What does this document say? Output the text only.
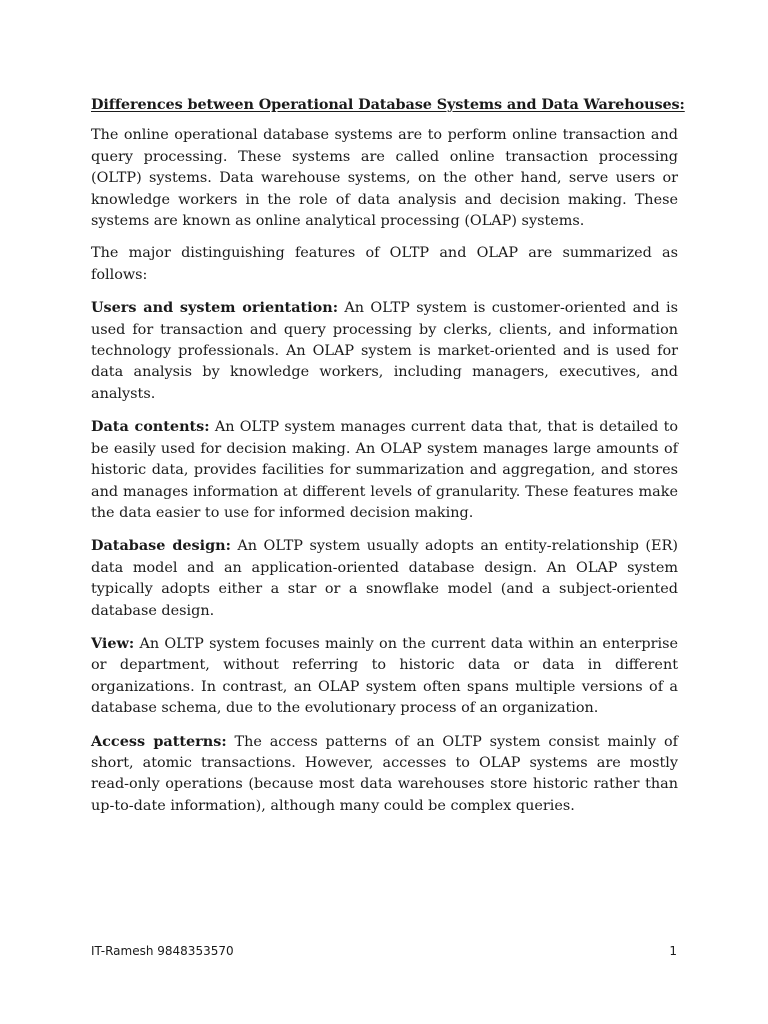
Differences between Operational Database Systems and Data Warehouses:

The online operational database systems are to perform online transaction and query processing. These systems are called online transaction processing (OLTP) systems. Data warehouse systems, on the other hand, serve users or knowledge workers in the role of data analysis and decision making. These systems are known as online analytical processing (OLAP) systems.

The major distinguishing features of OLTP and OLAP are summarized as follows:

Users and system orientation: An OLTP system is customer-oriented and is used for transaction and query processing by clerks, clients, and information technology professionals. An OLAP system is market-oriented and is used for data analysis by knowledge workers, including managers, executives, and analysts.

Data contents: An OLTP system manages current data that, that is detailed to be easily used for decision making. An OLAP system manages large amounts of historic data, provides facilities for summarization and aggregation, and stores and manages information at different levels of granularity. These features make the data easier to use for informed decision making.

Database design: An OLTP system usually adopts an entity-relationship (ER) data model and an application-oriented database design. An OLAP system typically adopts either a star or a snowflake model (and a subject-oriented database design.

View: An OLTP system focuses mainly on the current data within an enterprise or department, without referring to historic data or data in different organizations. In contrast, an OLAP system often spans multiple versions of a database schema, due to the evolutionary process of an organization.

Access patterns: The access patterns of an OLTP system consist mainly of short, atomic transactions. However, accesses to OLAP systems are mostly read-only operations (because most data warehouses store historic rather than up-to-date information), although many could be complex queries.

IT-Ramesh 9848353570	1
